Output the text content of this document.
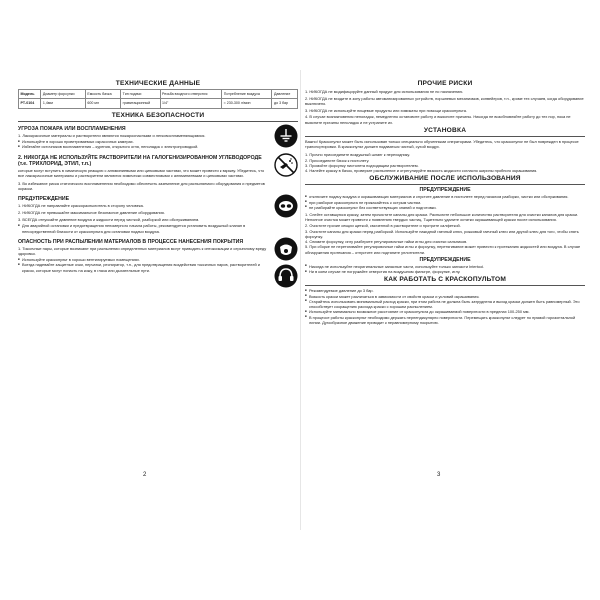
ТЕХНИЧЕСКИЕ ДАННЫЕ
Модель	Диаметр форсунки	Емкость бачка	Тип подачи	Резьба входного отверстия	Потребление воздуха	Давление
РТ-0104	1,4мм	600 мл	гравитационный	1/4"	≈ 230-300 л/мин	до 3 бар
ТЕХНИКА БЕЗОПАСНОСТИ
УГРОЗА ПОЖАРА ИЛИ ВОСПЛАМЕНЕНИЯ

1. Лакокрасочные материалы и растворители являются пожароопасными и легковоспламеняющимися.

■ Используйте в хорошо проветриваемых окрасочных камерах.
■ Избегайте источников воспламенения – курения, открытого огня, неполадок с электропроводкой.
2. НИКОГДА НЕ ИСПОЛЬЗУЙТЕ РАСТВОРИТЕЛИ НА ГАЛОГЕНИЗИРОВАННОМ УГЛЕВОДОРОДЕ (т.е. ТРИХЛОРИД, ЭТИЛ, т.п.)

которые могут вступить в химическую реакцию с алюминиевыми или цинковыми частями, что может привести к взрыву. Убедитесь, что все лакокрасочные материалы и растворители являются химически совместимыми с алюминиевыми и цинковыми частями.

3. Во избежание риска статического воспламенения необходимо обеспечить заземление для распыляемого оборудования и предметов окраски.

ПРЕДУПРЕЖДЕНИЕ

1. НИКОГДА не направляйте краскораспылитель в сторону человека.

2. НИКОГДА не превышайте максимальное безопасное давление оборудования.

3. ВСЕГДА отпускайте давление воздуха и жидкости перед чисткой, разборкой или обслуживанием.

■ Для аварийной остановки и предотвращения непомерного начала работы, рекомендуется установить воздушный клапан в непосредственной близости от краскопульта для остановки подачи воздуха.
ОПАСНОСТЬ ПРИ РАСПЫЛЕНИИ МАТЕРИАЛОВ В ПРОЦЕССЕ НАНЕСЕНИЯ ПОКРЫТИЯ

1. Токсичные пары, которые возникают при распылении определенных материалов могут приводить к интоксикации и серьезному вреду здоровья.

■ Используйте краскопульт в хорошо вентилируемых помещениях.
■ Всегда надевайте защитные очки, перчатки, респиратор, т.п., для предотвращения воздействия токсичных паров, растворителей и красок, которые могут попасть на кожу, в глаза или дыхательные пути.
2
ПРОЧИЕ РИСКИ

1. НИКОГДА не модифицируйте данный продукт для использования не по назначению.

2. НИКОГДА не входите в зону работы автоматизированных устройств, поршневых механизмов, конвейеров, т.п., кроме тех случаев, когда оборудование выключено.

3. НИКОГДА не используйте пищевые продукты или химикаты при помощи краскопульта.

4. В случае возникновения неполадок, немедленно остановите работу и выясните причины. Никогда не возобновляйте работу до тех пор, пока не выясните причины неполадок и не устраните их.

УСТАНОВКА

Важно! Краскопульт может быть использован только специально обученными операторами. Убедитесь, что краскопульт не был поврежден в процессе транспортировки. В краскопульт должен подаваться чистый, сухой воздух.

1. Прочно присоедините воздушный шланг к переходнику.

2. Присоедините бачок к пистолету.

3. Промойте форсунку пистолета подходящим растворителем.

4. Налейте краску в бачок, проверьте распыление и отрегулируйте вязкость жидкости согласно ширины пробного окрашивания.

ОБСЛУЖИВАНИЕ ПОСЛЕ ИСПОЛЬЗОВАНИЯ
ПРЕДУПРЕЖДЕНИЕ
■ отключите подачу воздуха и окрашивающих материалов и спустите давление в пистолете перед началом разборки, чистки или обслуживания.
■ при разборке краскопульта не прикасайтесь к острым частям.
■ не разбирайте краскопульт без соответствующих знаний и подготовки.

1. Слейте оставшуюся краску, затем прочистите каналы для краски. Распылите небольшое количество растворителя для очистки каналов для краски. Неполное очистка может привести к появлению твердых частиц. Тщательно удалите остатки окрашивающей краски после использования.

2. Очистите прочие секции щеткой, смоченной в растворителе и протрите салфеткой.

3. Очистите каналы для краски перед разборкой. Используйте накидной гаечный ключ, рожковый гаечный ключ или другой ключ для того, чтобы снять форсунку.

4. Снимите форсунку, иглу разберите регулировочные гайки иглы для очистки сальников.

5. При сборке не перетягивайте регулировочные гайки иглы и форсунку, перетягивание может привести к протеканию жидкостей или воздуха. В случае обнаружения протекания – отпустите или подтяните уплотнители.

ПРЕДУПРЕЖДЕНИЕ
■ Никогда не используйте неоригинальные запасные части, используйте только запчасти Intertool.
■ Ни в коем случае не погружайте отверстия на воздушном фильтре, форсунке, иглу.
КАК РАБОТАТЬ С КРАСКОПУЛЬТОМ
■ Рекомендуемое давление до 3 бар.
■ Вязкость краски может различаться в зависимости от свойств краски и условий окрашивания.
■ Старайтесь использовать минимальный расход краски, при этом работа не должна быть затруднена и выход краски должен быть равномерный. Это способствует сокращению расхода краски с хорошим распылением.
■ Используйте минимально возможное расстояние от краскопульта до окрашиваемой поверхности в пределах 100-250 мм.
■ В процессе работы краскопульт необходимо держать перпендикулярно поверхности. Перемещать краскопульт следует по прямой горизонтальной линии. Дугообразное движение приводит к неравномерному покрытию.
3
